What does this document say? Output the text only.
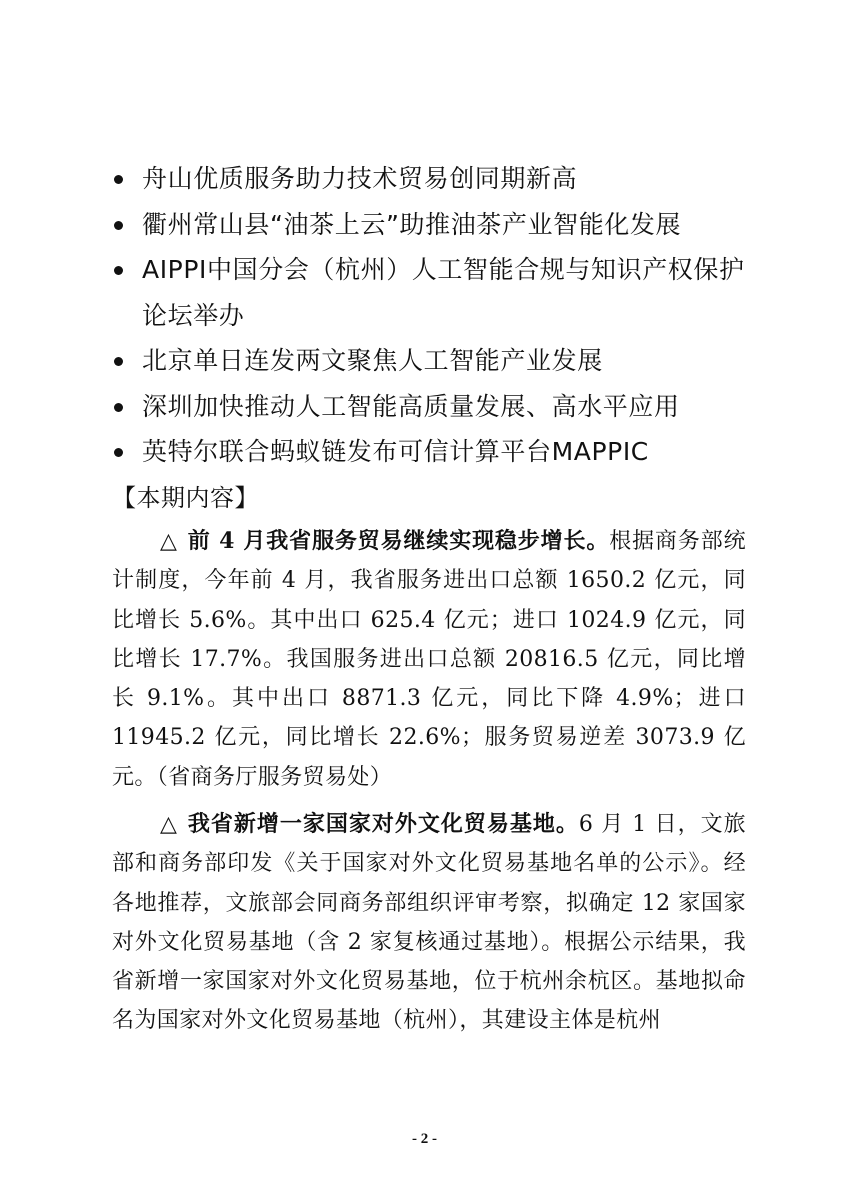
舟山优质服务助力技术贸易创同期新高
衢州常山县“油茶上云”助推油茶产业智能化发展
AIPPI中国分会（杭州）人工智能合规与知识产权保护论坛举办
北京单日连发两文聚焦人工智能产业发展
深圳加快推动人工智能高质量发展、高水平应用
英特尔联合蚂蚁链发布可信计算平台MAPPIC
【本期内容】

△ 前 4 月我省服务贸易继续实现稳步增长。根据商务部统计制度，今年前 4 月，我省服务进出口总额 1650.2 亿元，同比增长 5.6%。其中出口 625.4 亿元；进口 1024.9 亿元，同比增长 17.7%。我国服务进出口总额 20816.5 亿元，同比增长 9.1%。其中出口 8871.3 亿元，同比下降 4.9%；进口 11945.2 亿元，同比增长 22.6%；服务贸易逆差 3073.9 亿元。（省商务厅服务贸易处）

△ 我省新增一家国家对外文化贸易基地。6 月 1 日，文旅部和商务部印发《关于国家对外文化贸易基地名单的公示》。经各地推荐，文旅部会同商务部组织评审考察，拟确定 12 家国家对外文化贸易基地（含 2 家复核通过基地）。根据公示结果，我省新增一家国家对外文化贸易基地，位于杭州余杭区。基地拟命名为国家对外文化贸易基地（杭州），其建设主体是杭州

- 2 -
